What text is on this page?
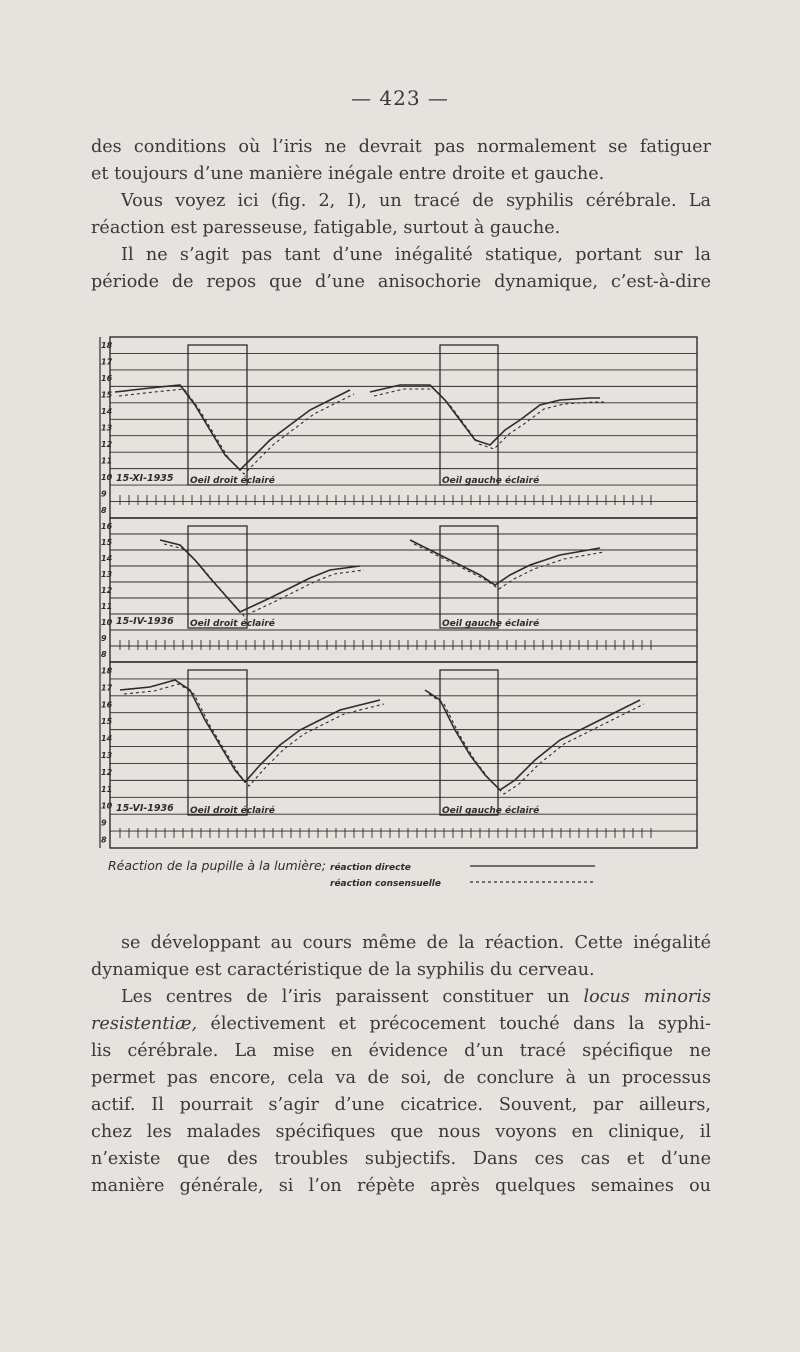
— 423 —
des conditions où l’iris ne devrait pas normalement se fatiguer
et toujours d’une manière inégale entre droite et gauche.
Vous voyez ici (fig. 2, I), un tracé de syphilis cérébrale. La
réaction est paresseuse, fatigable, surtout à gauche.
Il ne s’agit pas tant d’une inégalité statique, portant sur la
période de repos que d’une anisochorie dynamique, c’est-à-dire
18
17
16
15
14
13
12
11
10
9
8
15-XI-1935 Oeil droit éclairé	Oeil gauche éclairé
16
15
14
13
12
11
10
9
8
15-IV-1936 Oeil droit éclairé	Oeil gauche éclairé
18
17
16
15
14
13
12
11
10
9
8
15-VI-1936 Oeil droit éclairé	Oeil gauche éclairé
Réaction de la pupille à la lumière; réaction directe
réaction consensuelle
se développant au cours même de la réaction. Cette inégalité
dynamique est caractéristique de la syphilis du cerveau.
Les centres de l’iris paraissent constituer un locus minoris
resistentiæ, électivement et précocement touché dans la syphi-
lis cérébrale. La mise en évidence d’un tracé spécifique ne
permet pas encore, cela va de soi, de conclure à un processus
actif. Il pourrait s’agir d’une cicatrice. Souvent, par ailleurs,
chez les malades spécifiques que nous voyons en clinique, il
n’existe que des troubles subjectifs. Dans ces cas et d’une
manière générale, si l’on répète après quelques semaines ou
